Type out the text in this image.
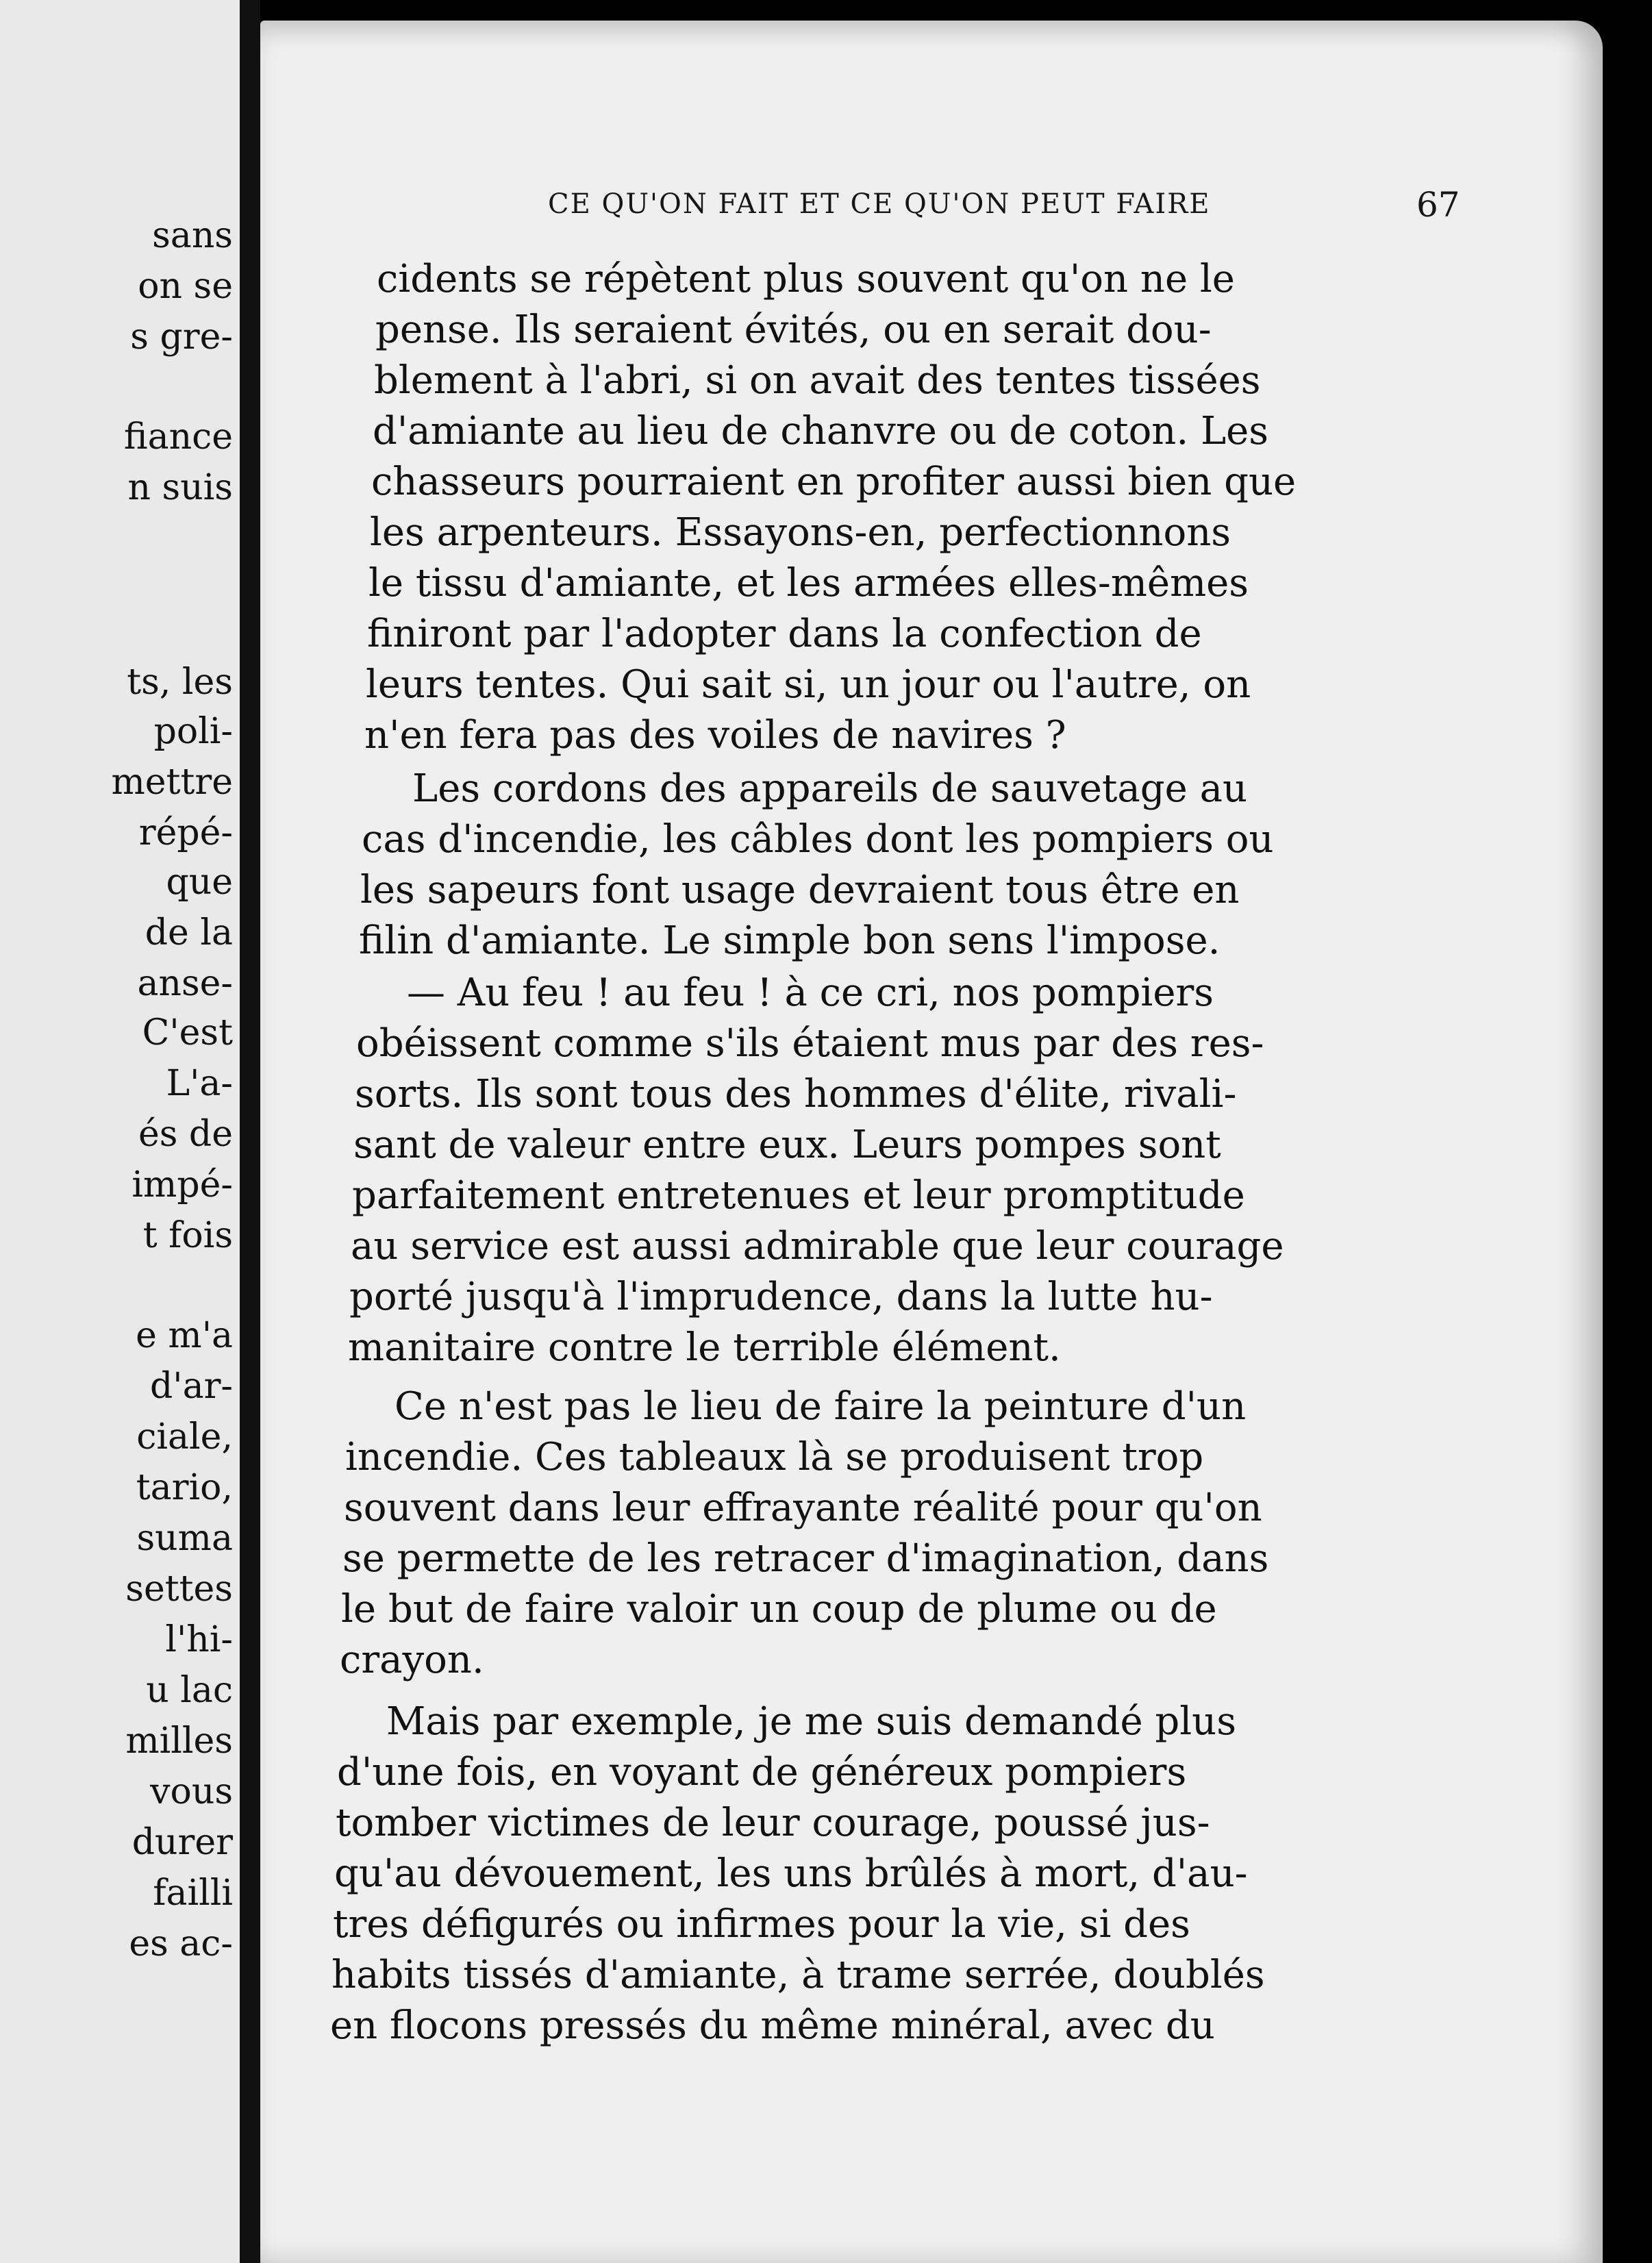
sans
on se
s gre-
fiance
n suis
ts, les
poli-
mettre
répé-
que
de la
anse-
C'est
L'a-
és de
impé-
t fois
e m'a
d'ar-
ciale,
tario,
suma
settes
l'hi-
u lac
milles
vous
durer
failli
es ac-
CE QU'ON FAIT ET CE QU'ON PEUT FAIRE	67
cidents se répètent plus souvent qu'on ne le
pense. Ils seraient évités, ou en serait dou-
blement à l'abri, si on avait des tentes tissées
d'amiante au lieu de chanvre ou de coton. Les
chasseurs pourraient en profiter aussi bien que
les arpenteurs. Essayons-en, perfectionnons
le tissu d'amiante, et les armées elles-mêmes
finiront par l'adopter dans la confection de
leurs tentes. Qui sait si, un jour ou l'autre, on
n'en fera pas des voiles de navires ?
Les cordons des appareils de sauvetage au
cas d'incendie, les câbles dont les pompiers ou
les sapeurs font usage devraient tous être en
filin d'amiante. Le simple bon sens l'impose.
— Au feu ! au feu ! à ce cri, nos pompiers
obéissent comme s'ils étaient mus par des res-
sorts. Ils sont tous des hommes d'élite, rivali-
sant de valeur entre eux. Leurs pompes sont
parfaitement entretenues et leur promptitude
au service est aussi admirable que leur courage
porté jusqu'à l'imprudence, dans la lutte hu-
manitaire contre le terrible élément.
Ce n'est pas le lieu de faire la peinture d'un
incendie. Ces tableaux là se produisent trop
souvent dans leur effrayante réalité pour qu'on
se permette de les retracer d'imagination, dans
le but de faire valoir un coup de plume ou de
crayon.
Mais par exemple, je me suis demandé plus
d'une fois, en voyant de généreux pompiers
tomber victimes de leur courage, poussé jus-
qu'au dévouement, les uns brûlés à mort, d'au-
tres défigurés ou infirmes pour la vie, si des
habits tissés d'amiante, à trame serrée, doublés
en flocons pressés du même minéral, avec du
